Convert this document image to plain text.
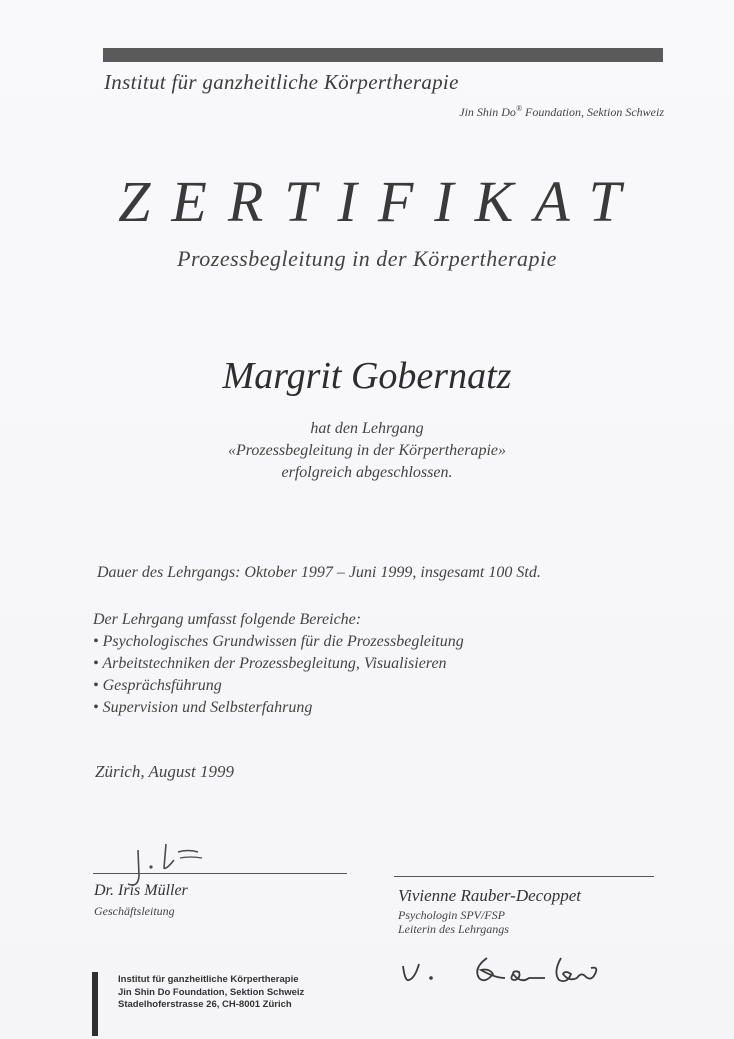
Institut für ganzheitliche Körpertherapie
Jin Shin Do® Foundation, Sektion Schweiz
ZERTIFIKAT
Prozessbegleitung in der Körpertherapie
Margrit Gobernatz
hat den Lehrgang
«Prozessbegleitung in der Körpertherapie»
erfolgreich abgeschlossen.
Dauer des Lehrgangs: Oktober 1997 – Juni 1999, insgesamt 100 Std.
Der Lehrgang umfasst folgende Bereiche:
• Psychologisches Grundwissen für die Prozessbegleitung
• Arbeitstechniken der Prozessbegleitung, Visualisieren
• Gesprächsführung
• Supervision und Selbsterfahrung
Zürich, August 1999
Dr. Iris Müller
Geschäftsleitung
Vivienne Rauber-Decoppet
Psychologin SPV/FSP
Leiterin des Lehrgangs
Institut für ganzheitliche Körpertherapie
Jin Shin Do Foundation, Sektion Schweiz
Stadelhoferstrasse 26, CH-8001 Zürich
